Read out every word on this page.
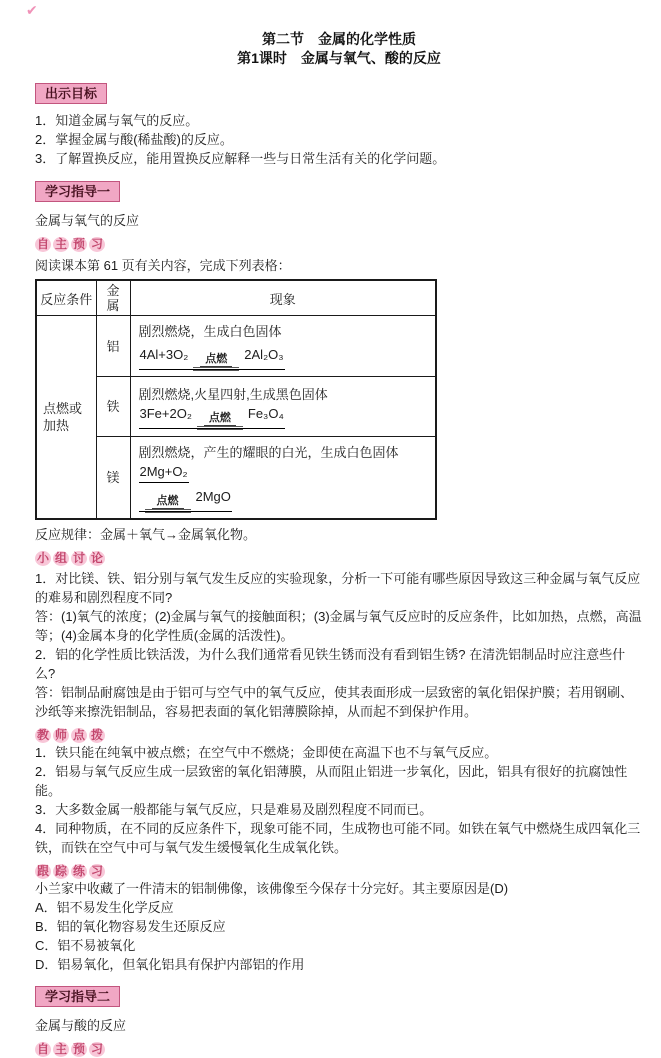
✔
第二节　金属的化学性质
第1课时　金属与氧气、酸的反应
出示目标
1．知道金属与氧气的反应。
2．掌握金属与酸(稀盐酸)的反应。
3．了解置换反应，能用置换反应解释一些与日常生活有关的化学问题。
学习指导一
金属与氧气的反应
自 主 预 习
阅读课本第 61 页有关内容，完成下列表格：
反应条件	金属	现象
点燃或加热	铝	剧烈燃烧，生成白色固体
4Al+3O₂ 点燃 2Al₂O₃

	铁	剧烈燃烧,火星四射,生成黑色固体 3Fe+2O₂ 点燃 Fe₃O₄
	镁	剧烈燃烧，产生的耀眼的白光，生成白色固体 2Mg+O₂
点燃 2MgO
反应规律：金属＋氧气→金属氧化物。
小 组 讨 论
1．对比镁、铁、铝分别与氧气发生反应的实验现象，分析一下可能有哪些原因导致这三种金属与氧气反应的难易和剧烈程度不同?
答：(1)氧气的浓度；(2)金属与氧气的接触面积；(3)金属与氧气反应时的反应条件，比如加热，点燃，高温等；(4)金属本身的化学性质(金属的活泼性)。
2．铝的化学性质比铁活泼，为什么我们通常看见铁生锈而没有看到铝生锈? 在清洗铝制品时应注意些什么?
答：铝制品耐腐蚀是由于铝可与空气中的氧气反应，使其表面形成一层致密的氧化铝保护膜；若用钢刷、沙纸等来擦洗铝制品，容易把表面的氧化铝薄膜除掉，从而起不到保护作用。
教 师 点 拨
1．铁只能在纯氧中被点燃；在空气中不燃烧；金即使在高温下也不与氧气反应。
2．铝易与氧气反应生成一层致密的氧化铝薄膜，从而阻止铝进一步氧化，因此，铝具有很好的抗腐蚀性能。
3．大多数金属一般都能与氧气反应，只是难易及剧烈程度不同而已。
4．同种物质，在不同的反应条件下，现象可能不同，生成物也可能不同。如铁在氧气中燃烧生成四氧化三铁，而铁在空气中可与氧气发生缓慢氧化生成氧化铁。
跟 踪 练 习
小兰家中收藏了一件清末的铝制佛像，该佛像至今保存十分完好。其主要原因是(D)
A．铝不易发生化学反应
B．铝的氧化物容易发生还原反应
C．铝不易被氧化
D．铝易氧化，但氧化铝具有保护内部铝的作用
学习指导二
金属与酸的反应
自 主 预 习
